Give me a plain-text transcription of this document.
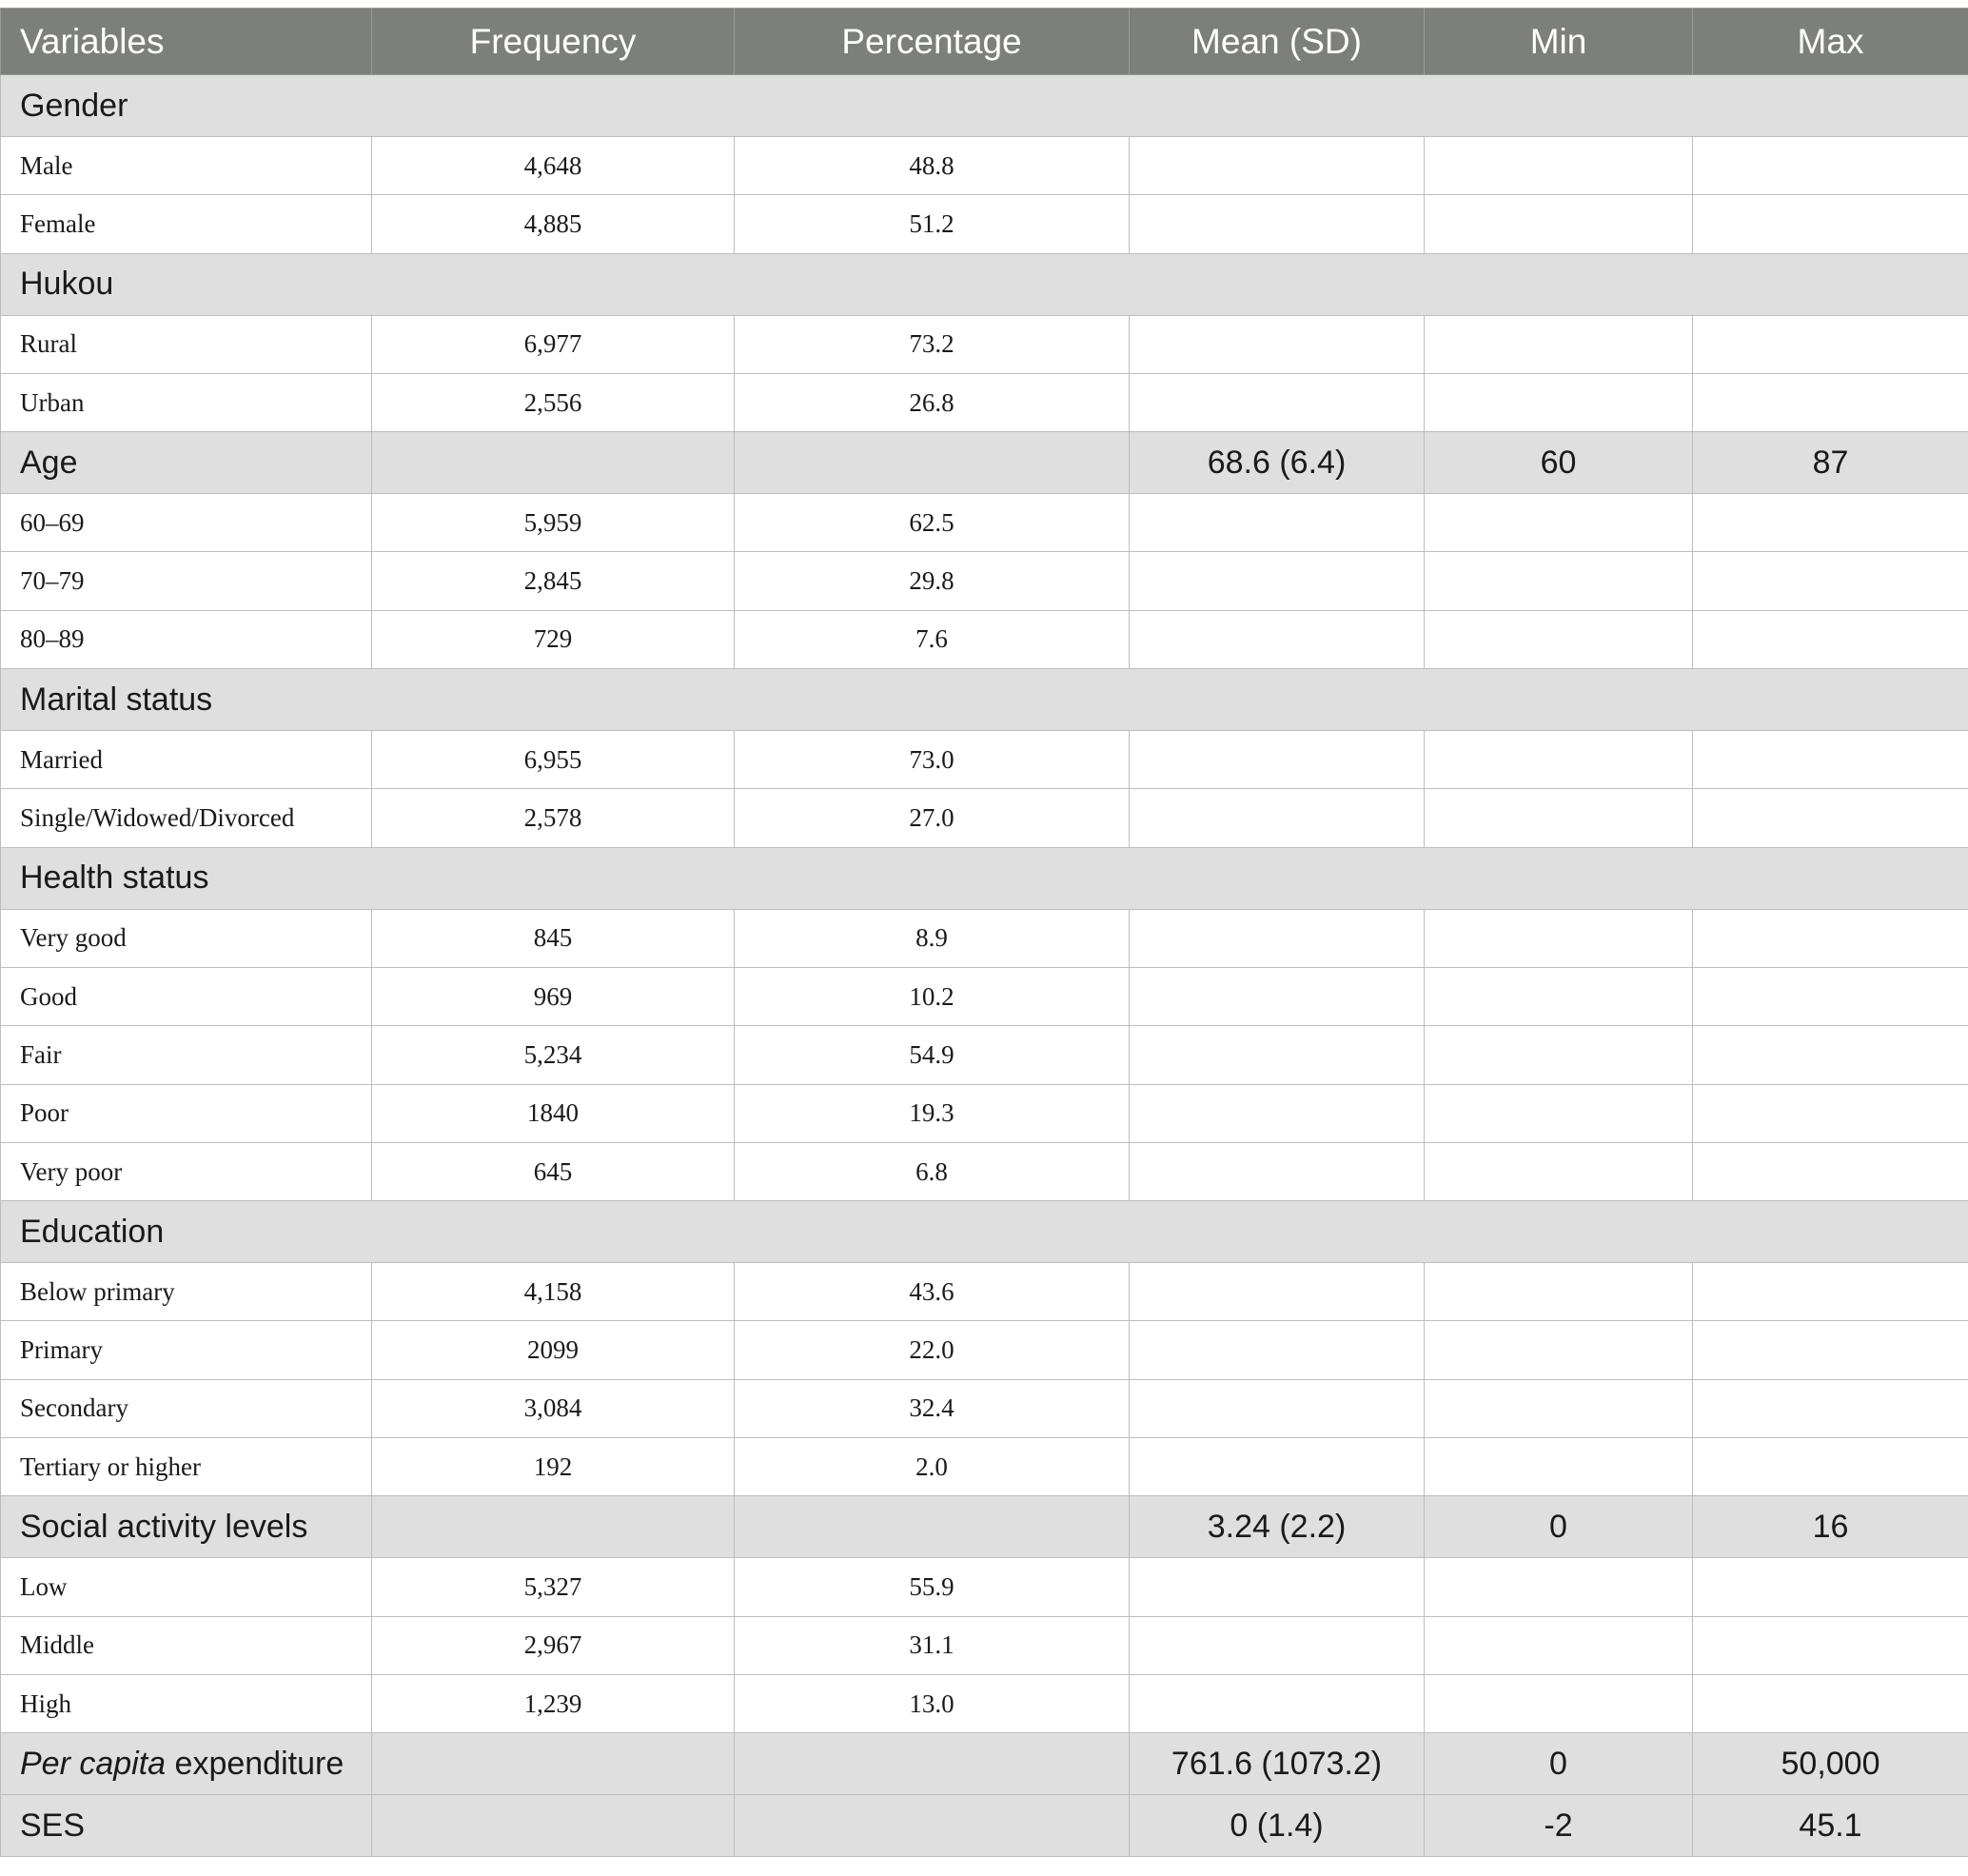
Variables	Frequency	Percentage	Mean (SD)	Min	Max
Gender					
Male	4,648	48.8			
Female	4,885	51.2			
Hukou					
Rural	6,977	73.2			
Urban	2,556	26.8			
Age			68.6 (6.4)	60	87
60–69	5,959	62.5			
70–79	2,845	29.8			
80–89	729	7.6			
Marital status					
Married	6,955	73.0			
Single/Widowed/Divorced	2,578	27.0			
Health status					
Very good	845	8.9			
Good	969	10.2			
Fair	5,234	54.9			
Poor	1840	19.3			
Very poor	645	6.8			
Education					
Below primary	4,158	43.6			
Primary	2099	22.0			
Secondary	3,084	32.4			
Tertiary or higher	192	2.0			
Social activity levels			3.24 (2.2)	0	16
Low	5,327	55.9			
Middle	2,967	31.1			
High	1,239	13.0			
Per capita expenditure			761.6 (1073.2)	0	50,000
SES			0 (1.4)	-2	45.1
